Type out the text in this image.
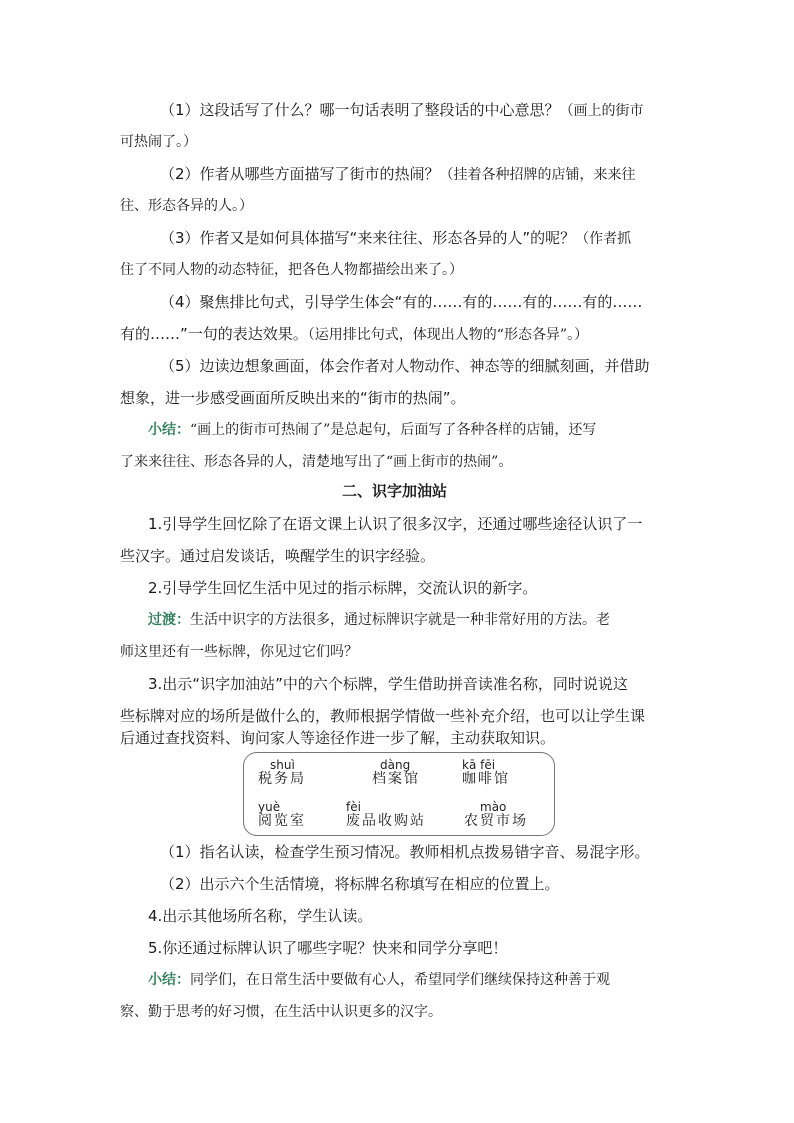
（1）这段话写了什么？哪一句话表明了整段话的中心意思？（画上的街市
可热闹了。）
（2）作者从哪些方面描写了街市的热闹？（挂着各种招牌的店铺，来来往
往、形态各异的人。）
（3）作者又是如何具体描写“来来往往、形态各异的人”的呢？（作者抓
住了不同人物的动态特征，把各色人物都描绘出来了。）
（4）聚焦排比句式，引导学生体会“有的……有的……有的……有的……
有的……”一句的表达效果。（运用排比句式，体现出人物的“形态各异”。）
（5）边读边想象画面，体会作者对人物动作、神态等的细腻刻画，并借助
想象，进一步感受画面所反映出来的“街市的热闹”。
小结：“画上的街市可热闹了”是总起句，后面写了各种各样的店铺，还写
了来来往往、形态各异的人，清楚地写出了“画上街市的热闹”。
二、识字加油站
1.引导学生回忆除了在语文课上认识了很多汉字，还通过哪些途径认识了一
些汉字。通过启发谈话，唤醒学生的识字经验。
2.引导学生回忆生活中见过的指示标牌，交流认识的新字。
过渡：生活中识字的方法很多，通过标牌识字就是一种非常好用的方法。老
师这里还有一些标牌，你见过它们吗？
3.出示“识字加油站”中的六个标牌，学生借助拼音读准名称，同时说说这
些标牌对应的场所是做什么的，教师根据学情做一些补充介绍，也可以让学生课
后通过查找资料、询问家人等途径作进一步了解，主动获取知识。
shuì
税务局
dàng
档案馆
kā fēi
咖啡馆
yuè
阅览室
fèi
废品收购站
mào
农贸市场
（1）指名认读，检查学生预习情况。教师相机点拨易错字音、易混字形。
（2）出示六个生活情境，将标牌名称填写在相应的位置上。
4.出示其他场所名称，学生认读。
5.你还通过标牌认识了哪些字呢？快来和同学分享吧！
小结：同学们，在日常生活中要做有心人，希望同学们继续保持这种善于观
察、勤于思考的好习惯，在生活中认识更多的汉字。
